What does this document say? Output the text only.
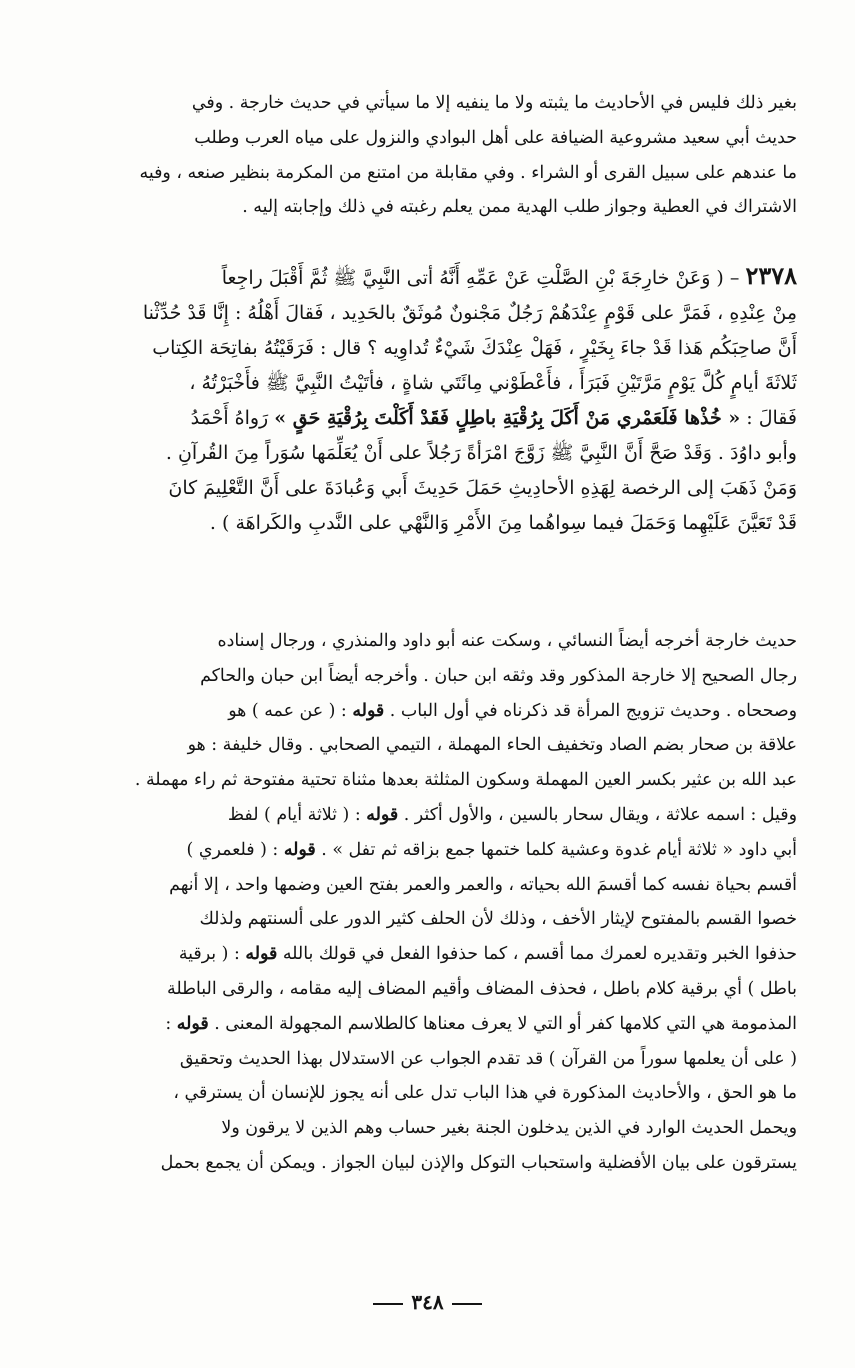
بغير ذلك فليس في الأحاديث ما يثبته ولا ما ينفيه إلا ما سيأتي في حديث خارجة . وفي

حديث أبي سعيد مشروعية الضيافة على أهل البوادي والنزول على مياه العرب وطلب

ما عندهم على سبيل القرى أو الشراء . وفي مقابلة من امتنع من المكرمة بنظير صنعه ، وفيه

الاشتراك في العطية وجواز طلب الهدية ممن يعلم رغبته في ذلك وإجابته إليه .

٢٣٧٨ – ( وَعَنْ خارِجَةَ بْنِ الصَّلْتِ عَنْ عَمِّهِ أَنَّهُ أتى النَّبِيَّ ﷺ ثُمَّ أَقْبَلَ راجِعاً

مِنْ عِنْدِهِ ، فَمَرَّ على قَوْمٍ عِنْدَهُمْ رَجُلٌ مَجْنونٌ مُوثَقٌ بالحَدِيد ، فَقالَ أَهْلُهُ : إِنَّا قَدْ حُدِّثْنا

أَنَّ صاحِبَكُم هَذا قَدْ جاءَ بِخَيْرٍ ، فَهَلْ عِنْدَكَ شَيْءٌ تُداوِيه ؟ قال : فَرَقَيْتُهُ بفاتِحَة الكِتاب

ثَلاثَةَ أيامٍ كُلَّ يَوْمٍ مَرَّتَيْنِ فَبَرَأَ ، فأَعْطَوْني مِائَتَي شاةٍ ، فأتَيْتُ النَّبِيَّ ﷺ فأَخْبَرْتُهُ ،

فَقالَ : « خُذْها فَلَعَمْري مَنْ أَكَلَ بِرُقْيَةِ باطِلٍ فَقَدْ أَكَلْتَ بِرُقْيَةِ حَقٍ » رَواهُ أَحْمَدُ

وأبو داوُدَ . وَقَدْ صَحَّ أَنَّ النَّبِيَّ ﷺ زَوَّجَ امْرَأةً رَجُلاً على أَنْ يُعَلِّمَها سُوَراً مِنَ القُرآنِ .

وَمَنْ ذَهَبَ إلى الرخصة لِهَذِهِ الأحادِيثِ حَمَلَ حَدِيثَ أَبي وَعُبادَةَ على أَنَّ التَّعْلِيمَ كانَ

قَدْ تَعَيَّنَ عَلَيْهِما وَحَمَلَ فيما سِواهُما مِنَ الأَمْرِ وَالنَّهْي على النَّدبِ والكَراهَة ) .

حديث خارجة أخرجه أيضاً النسائي ، وسكت عنه أبو داود والمنذري ، ورجال إسناده

رجال الصحيح إلا خارجة المذكور وقد وثقه ابن حبان . وأخرجه أيضاً ابن حبان والحاكم

وصححاه . وحديث تزويج المرأة قد ذكرناه في أول الباب . قوله : ( عن عمه ) هو

علاقة بن صحار بضم الصاد وتخفيف الحاء المهملة ، التيمي الصحابي . وقال خليفة : هو

عبد الله بن عثير بكسر العين المهملة وسكون المثلثة بعدها مثناة تحتية مفتوحة ثم راء مهملة .

وقيل : اسمه علاثة ، ويقال سحار بالسين ، والأول أكثر . قوله : ( ثلاثة أيام ) لفظ

أبي داود « ثلاثة أيام غدوة وعشية كلما ختمها جمع بزاقه ثم تفل » . قوله : ( فلعمري )

أقسم بحياة نفسه كما أقسمَ الله بحياته ، والعمر والعمر بفتح العين وضمها واحد ، إلا أنهم

خصوا القسم بالمفتوح لإيثار الأخف ، وذلك لأن الحلف كثير الدور على ألسنتهم ولذلك

حذفوا الخبر وتقديره لعمرك مما أقسم ، كما حذفوا الفعل في قولك بالله قوله : ( برقية

باطل ) أي برقية كلام باطل ، فحذف المضاف وأقيم المضاف إليه مقامه ، والرقى الباطلة

المذمومة هي التي كلامها كفر أو التي لا يعرف معناها كالطلاسم المجهولة المعنى . قوله :

( على أن يعلمها سوراً من القرآن ) قد تقدم الجواب عن الاستدلال بهذا الحديث وتحقيق

ما هو الحق ، والأحاديث المذكورة في هذا الباب تدل على أنه يجوز للإنسان أن يسترقي ،

ويحمل الحديث الوارد في الذين يدخلون الجنة بغير حساب وهم الذين لا يرقون ولا

يسترقون على بيان الأفضلية واستحباب التوكل والإذن لبيان الجواز . ويمكن أن يجمع بحمل

٣٤٨
